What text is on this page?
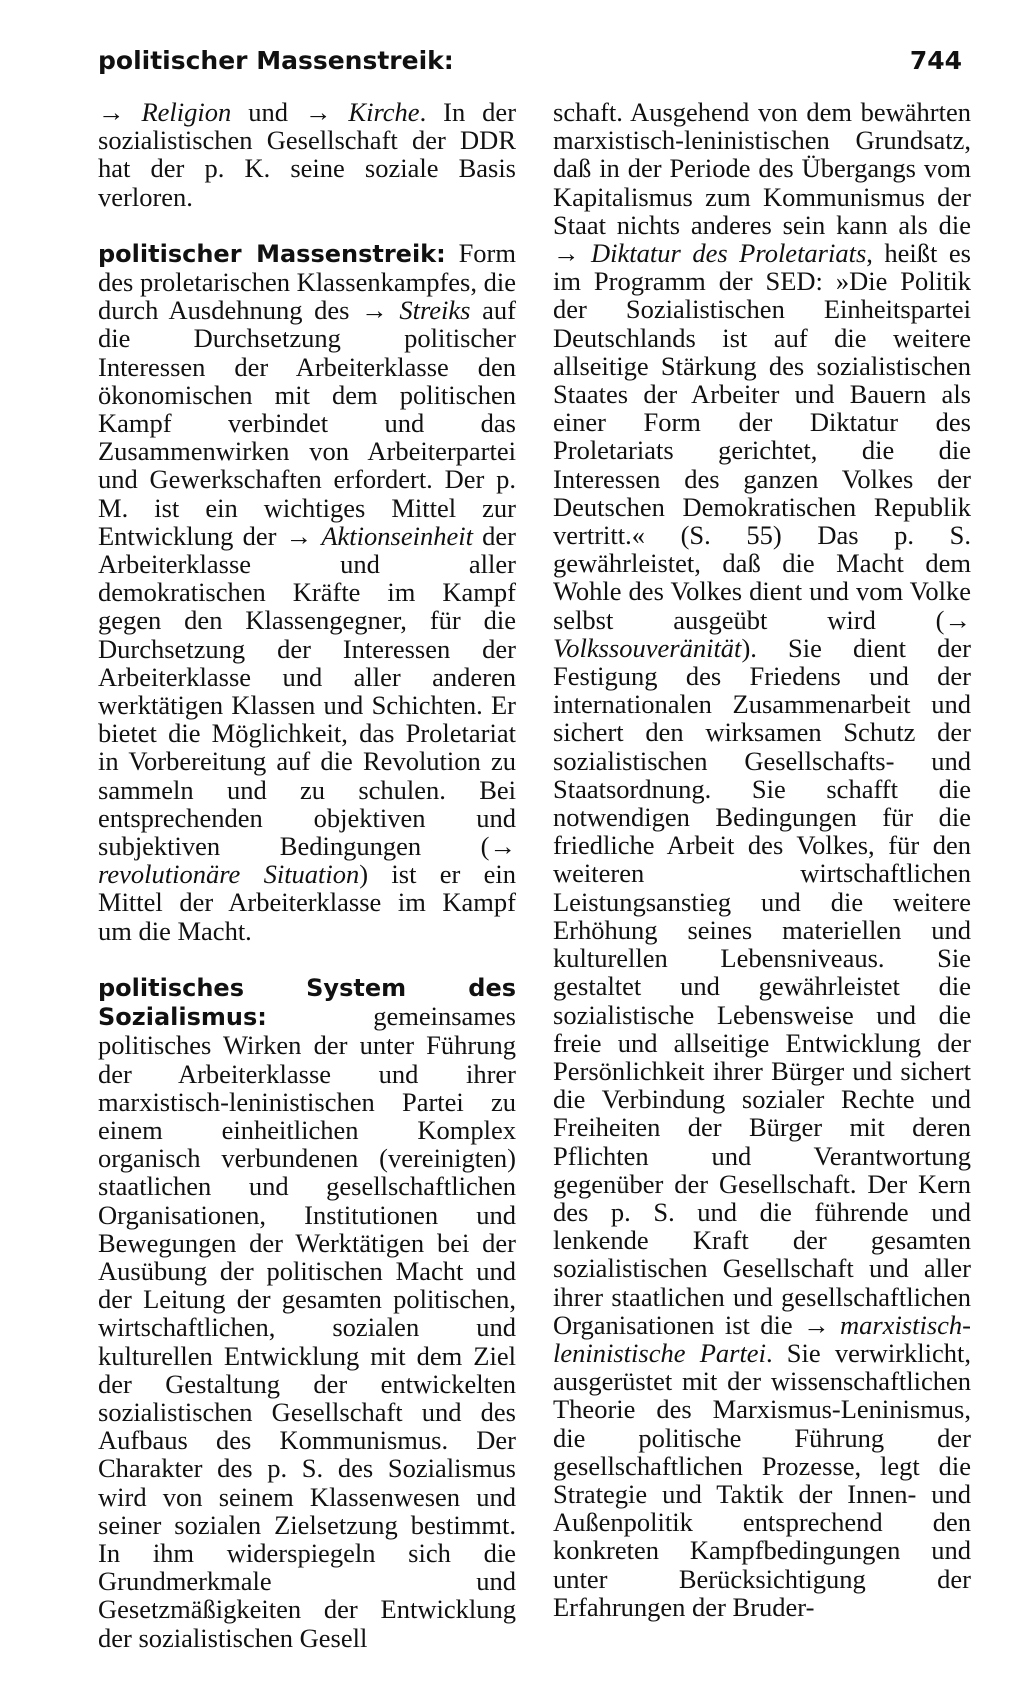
politischer Massenstreik:	744

→ Religion und → Kirche. In der sozialistischen Gesellschaft der DDR hat der p. K. seine soziale Basis verloren.

politischer Massenstreik: Form des proletarischen Klassenkampfes, die durch Ausdehnung des → Streiks auf die Durchsetzung politischer Interessen der Arbeiterklasse den ökonomischen mit dem politischen Kampf verbindet und das Zusammenwirken von Arbeiterpartei und Gewerkschaften erfordert. Der p. M. ist ein wichtiges Mittel zur Entwicklung der → Aktionseinheit der Arbeiterklasse und aller demokratischen Kräfte im Kampf gegen den Klassengegner, für die Durchsetzung der Interessen der Arbeiterklasse und aller anderen werktätigen Klassen und Schichten. Er bietet die Möglichkeit, das Proletariat in Vorbereitung auf die Revolution zu sammeln und zu schulen. Bei entsprechenden objektiven und subjektiven Bedingungen (→ revolutionäre Situation) ist er ein Mittel der Arbeiterklasse im Kampf um die Macht.

politisches System des Sozialismus: gemeinsames politisches Wirken der unter Führung der Arbeiterklasse und ihrer marxistisch-leninistischen Partei zu einem einheitlichen Komplex organisch verbundenen (vereinigten) staatlichen und gesellschaftlichen Organisationen, Institutionen und Bewegungen der Werktätigen bei der Ausübung der politischen Macht und der Leitung der gesamten politischen, wirtschaftlichen, sozialen und kulturellen Entwicklung mit dem Ziel der Gestaltung der entwickelten sozialistischen Gesellschaft und des Aufbaus des Kommunismus. Der Charakter des p. S. des Sozialismus wird von seinem Klassenwesen und seiner sozialen Zielsetzung bestimmt. In ihm widerspiegeln sich die Grundmerkmale und Gesetzmäßigkeiten der Entwicklung der sozialistischen Gesell

schaft. Ausgehend von dem bewährten marxistisch-leninistischen Grundsatz, daß in der Periode des Übergangs vom Kapitalismus zum Kommunismus der Staat nichts anderes sein kann als die → Diktatur des Proletariats, heißt es im Programm der SED: »Die Politik der Sozialistischen Einheitspartei Deutschlands ist auf die weitere allseitige Stärkung des sozialistischen Staates der Arbeiter und Bauern als einer Form der Diktatur des Proletariats gerichtet, die die Interessen des ganzen Volkes der Deutschen Demokratischen Republik vertritt.« (S. 55) Das p. S. gewährleistet, daß die Macht dem Wohle des Volkes dient und vom Volke selbst ausgeübt wird (→ Volkssouveränität). Sie dient der Festigung des Friedens und der internationalen Zusammenarbeit und sichert den wirksamen Schutz der sozialistischen Gesellschafts- und Staatsordnung. Sie schafft die notwendigen Bedingungen für die friedliche Arbeit des Volkes, für den weiteren wirtschaftlichen Leistungsanstieg und die weitere Erhöhung seines materiellen und kulturellen Lebensniveaus. Sie gestaltet und gewährleistet die sozialistische Lebensweise und die freie und allseitige Entwicklung der Persönlichkeit ihrer Bürger und sichert die Verbindung sozialer Rechte und Freiheiten der Bürger mit deren Pflichten und Verantwortung gegenüber der Gesellschaft. Der Kern des p. S. und die führende und lenkende Kraft der gesamten sozialistischen Gesellschaft und aller ihrer staatlichen und gesellschaftlichen Organisationen ist die → marxistisch-leninistische Partei. Sie verwirklicht, ausgerüstet mit der wissenschaftlichen Theorie des Marxismus-Leninismus, die politische Führung der gesellschaftlichen Prozesse, legt die Strategie und Taktik der Innen- und Außenpolitik entsprechend den konkreten Kampfbedingungen und unter Berücksichtigung der Erfahrungen der Bruder-
